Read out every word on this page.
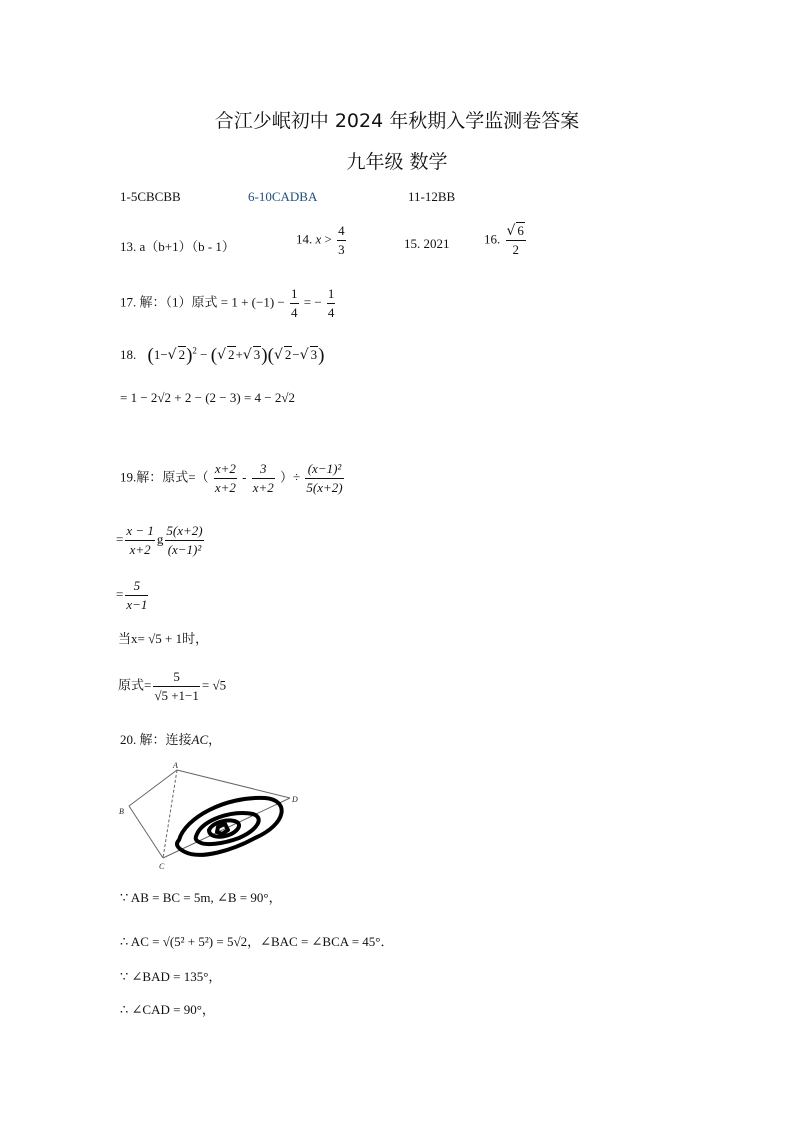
合江少岷初中 2024 年秋期入学监测卷答案
九年级 数学
1-5CBCBB	6-10CADBA	11-12BB
13. a（b+1）（b - 1）
14. $x > \frac{4}{3}$	15. 2021	16. $\frac{√ 6}{2}$
17. 解：（1）原式 = $1 + (-1) - \frac{1}{4}$ = − $\frac{1}{4}$
18. (1−√ 2)$^2$ − (√ 2+√ 3)(√ 2−√ 3)
= 1 − 2√2 + 2 − (2 − 3) = 4 − 2√2
19.解：原式=（ $\frac{x+2}{x+2} - \frac{3}{x+2}$ ）÷ $\frac{\text{(x−1)²}}{5(x+2)}$
= $\frac{x - 1}{x+2}$ g $\frac{5(x+2)}{\text{(x−1)²}}$
= $\frac{5}{x-1}$
当x= √5 + 1时，
原式= $\frac{5}{√5 +1-1} = √5$
20. 解：连接AC，
A
B
C
D
∵ AB = BC = 5m, ∠B = 90°，
∴ AC = √(5² + 5²) = 5√2，∠BAC = ∠BCA = 45°．
∵ ∠BAD = 135°，
∴ ∠CAD = 90°，
